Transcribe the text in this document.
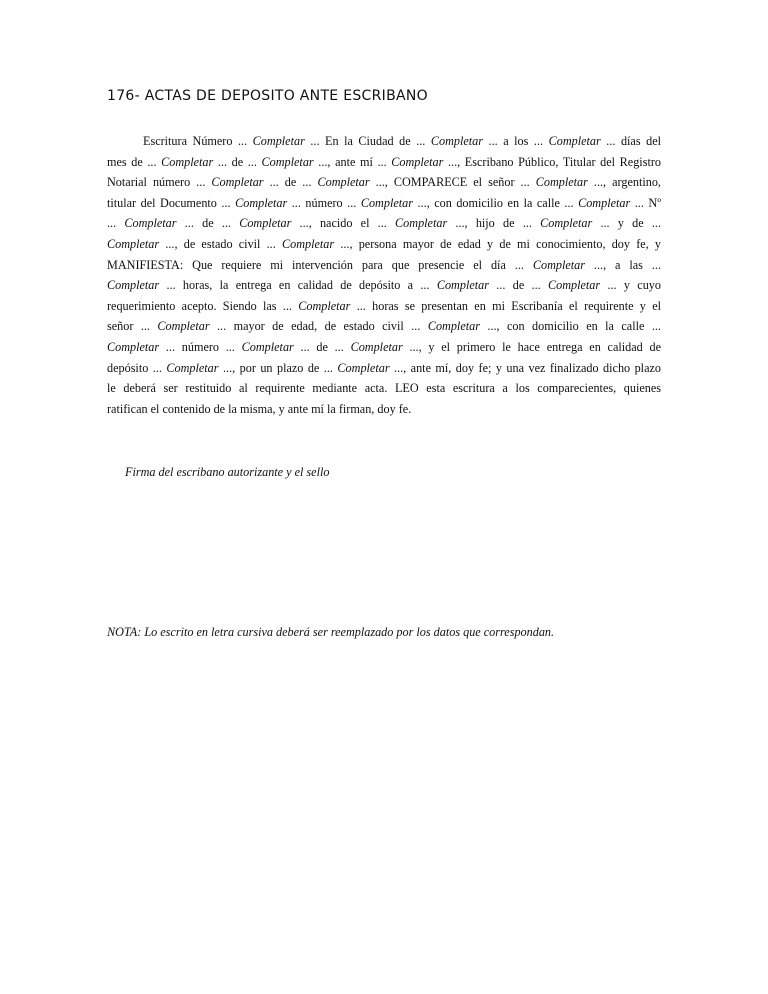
176- ACTAS DE DEPOSITO ANTE ESCRIBANO
Escritura Número ... Completar ... En la Ciudad de ... Completar ... a los ... Completar ... días del
mes de ... Completar ... de ... Completar ..., ante mí ... Completar ..., Escribano Público, Titular del Registro
Notarial número ... Completar ... de ... Completar ..., COMPARECE el señor ... Completar ..., argentino,
titular del Documento ... Completar ... número ... Completar ..., con domicilio en la calle ... Completar ... Nº
... Completar ... de ... Completar ..., nacido el ... Completar ..., hijo de ... Completar ... y de ...
Completar ..., de estado civil ... Completar ..., persona mayor de edad y de mi conocimiento, doy fe, y
MANIFIESTA: Que requiere mi intervención para que presencie el día ... Completar ..., a las ...
Completar ... horas, la entrega en calidad de depósito a ... Completar ... de ... Completar ... y cuyo
requerimiento acepto. Siendo las ... Completar ... horas se presentan en mi Escribanía el requirente y el
señor ... Completar ... mayor de edad, de estado civil ... Completar ..., con domicilio en la calle ...
Completar ... número ... Completar ... de ... Completar ..., y el primero le hace entrega en calidad de
depósito ... Completar ..., por un plazo de ... Completar ..., ante mí, doy fe; y una vez finalizado dicho plazo
le deberá ser restituido al requirente mediante acta. LEO esta escritura a los comparecientes, quienes
ratifican el contenido de la misma, y ante mí la firman, doy fe.
Firma del escribano autorizante y el sello
NOTA: Lo escrito en letra cursiva deberá ser reemplazado por los datos que correspondan.
